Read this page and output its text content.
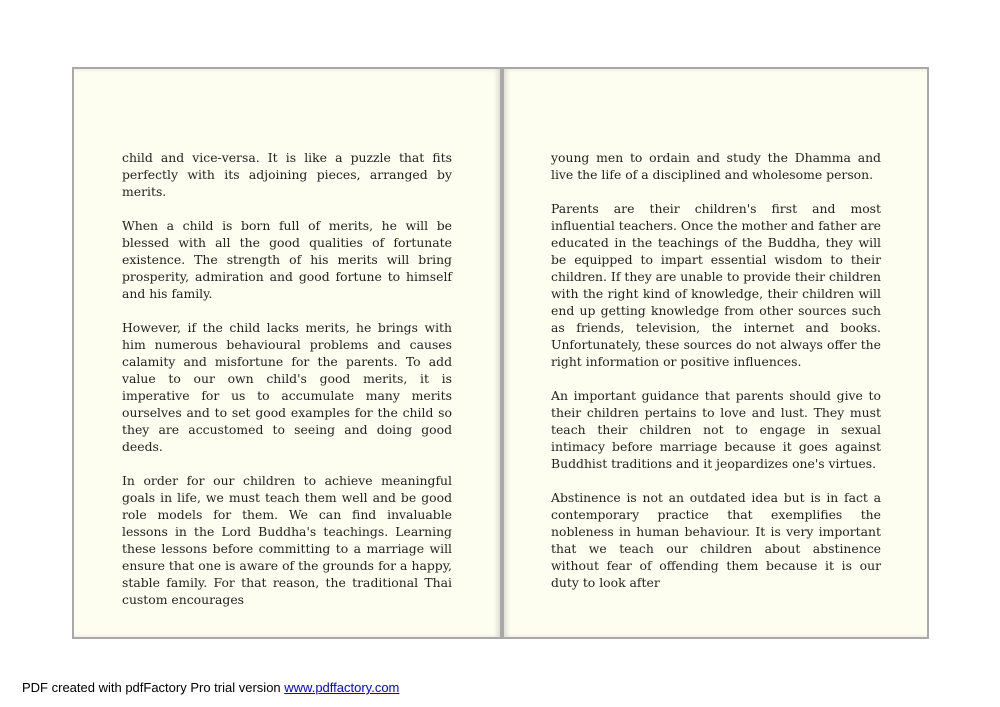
child and vice-versa. It is like a puzzle that fits perfectly with its adjoining pieces, arranged by merits.

When a child is born full of merits, he will be blessed with all the good qualities of fortunate existence. The strength of his merits will bring prosperity, admiration and good fortune to himself and his family.

However, if the child lacks merits, he brings with him numerous behavioural problems and causes calamity and misfortune for the parents. To add value to our own child's good merits, it is imperative for us to accumulate many merits ourselves and to set good examples for the child so they are accustomed to seeing and doing good deeds.

In order for our children to achieve meaningful goals in life, we must teach them well and be good role models for them. We can find invaluable lessons in the Lord Buddha's teachings. Learning these lessons before committing to a marriage will ensure that one is aware of the grounds for a happy, stable family. For that reason, the traditional Thai custom encourages

young men to ordain and study the Dhamma and live the life of a disciplined and wholesome person.

Parents are their children's first and most influential teachers. Once the mother and father are educated in the teachings of the Buddha, they will be equipped to impart essential wisdom to their children. If they are unable to provide their children with the right kind of knowledge, their children will end up getting knowledge from other sources such as friends, television, the internet and books. Unfortunately, these sources do not always offer the right information or positive influences.

An important guidance that parents should give to their children pertains to love and lust. They must teach their children not to engage in sexual intimacy before marriage because it goes against Buddhist traditions and it jeopardizes one's virtues.

Abstinence is not an outdated idea but is in fact a contemporary practice that exemplifies the nobleness in human behaviour. It is very important that we teach our children about abstinence without fear of offending them because it is our duty to look after

PDF created with pdfFactory Pro trial version www.pdffactory.com
